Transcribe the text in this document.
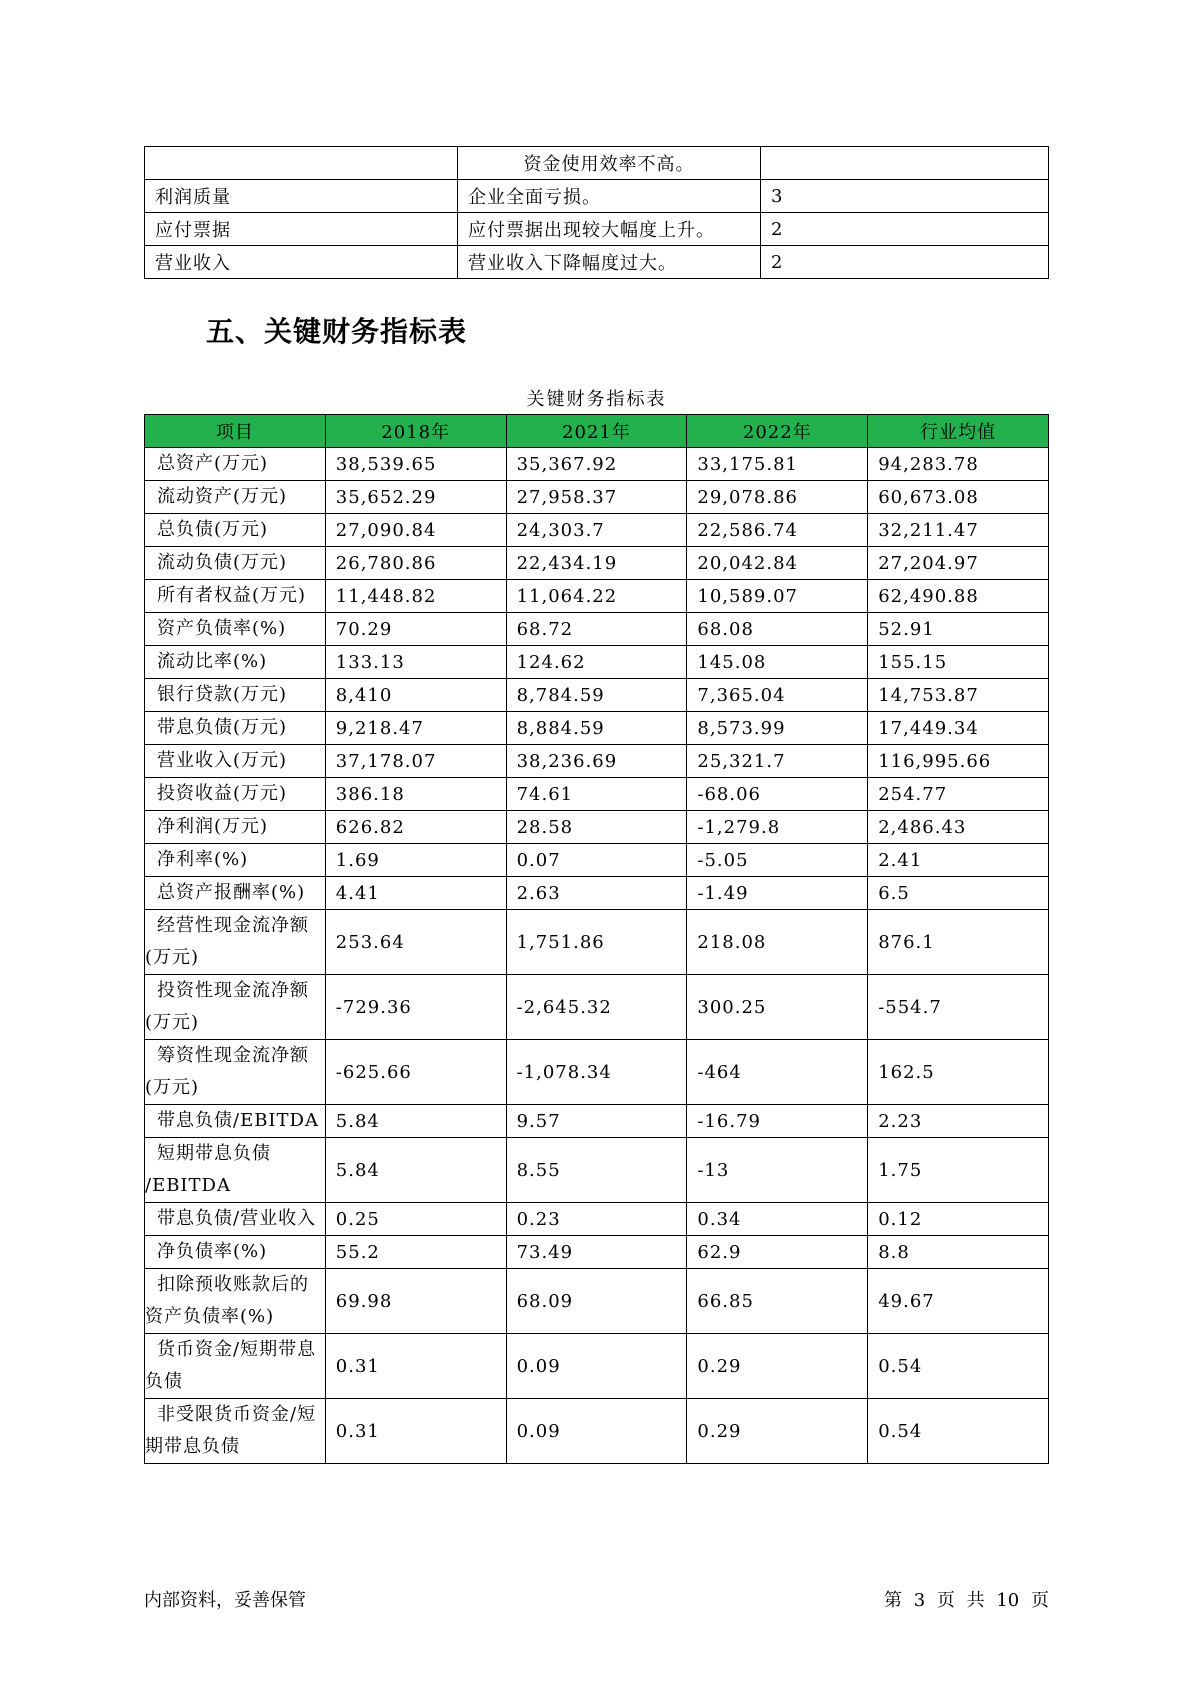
	资金使用效率不高。	
利润质量	企业全面亏损。	3
应付票据	应付票据出现较大幅度上升。	2
营业收入	营业收入下降幅度过大。	2
五、关键财务指标表
关键财务指标表
项目	2018年	2021年	2022年	行业均值

总资产(万元)	38,539.65	35,367.92	33,175.81	94,283.78

流动资产(万元)	35,652.29	27,958.37	29,078.86	60,673.08

总负债(万元)	27,090.84	24,303.7	22,586.74	32,211.47

流动负债(万元)	26,780.86	22,434.19	20,042.84	27,204.97

所有者权益(万元)	11,448.82	11,064.22	10,589.07	62,490.88

资产负债率(%)	70.29	68.72	68.08	52.91

流动比率(%)	133.13	124.62	145.08	155.15

银行贷款(万元)	8,410	8,784.59	7,365.04	14,753.87

带息负债(万元)	9,218.47	8,884.59	8,573.99	17,449.34

营业收入(万元)	37,178.07	38,236.69	25,321.7	116,995.66

投资收益(万元)	386.18	74.61	-68.06	254.77

净利润(万元)	626.82	28.58	-1,279.8	2,486.43

净利率(%)	1.69	0.07	-5.05	2.41

总资产报酬率(%)	4.41	2.63	-1.49	6.5

经营性现金流净额
(万元)	253.64	1,751.86	218.08	876.1

投资性现金流净额
(万元)	-729.36	-2,645.32	300.25	-554.7

筹资性现金流净额
(万元)	-625.66	-1,078.34	-464	162.5

带息负债/EBITDA	5.84	9.57	-16.79	2.23

短期带息负债
/EBITDA	5.84	8.55	-13	1.75

带息负债/营业收入	0.25	0.23	0.34	0.12

净负债率(%)	55.2	73.49	62.9	8.8

扣除预收账款后的
资产负债率(%)	69.98	68.09	66.85	49.67

货币资金/短期带息
负债	0.31	0.09	0.29	0.54

非受限货币资金/短
期带息负债	0.31	0.09	0.29	0.54
内部资料，妥善保管	第 3 页 共 10 页
